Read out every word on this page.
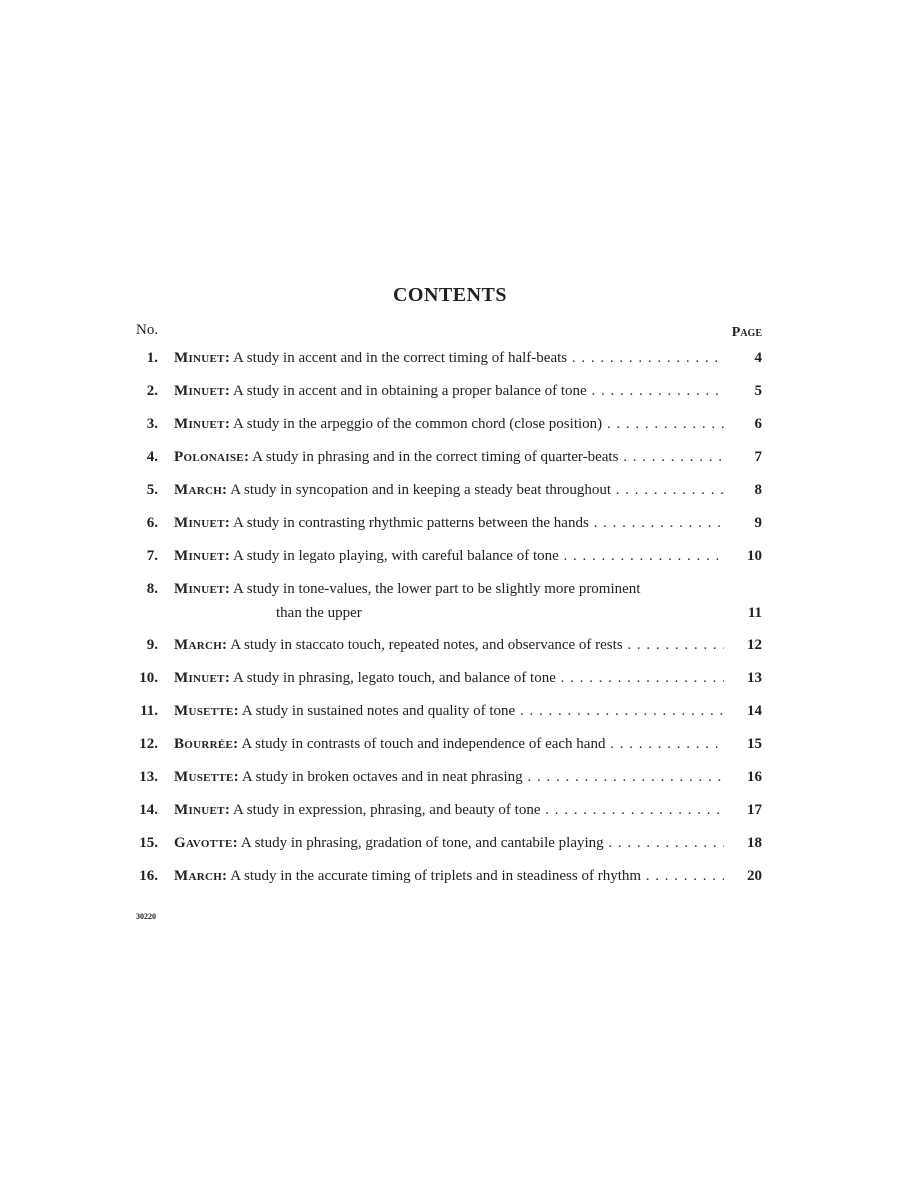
CONTENTS
No.	Page
1. Minuet: A study in accent and in the correct timing of half-beats . . .	4
2. Minuet: A study in accent and in obtaining a proper balance of tone . . .	5
3. Minuet: A study in the arpeggio of the common chord (close position) . . .	6
4. Polonaise: A study in phrasing and in the correct timing of quarter-beats . . .	7
5. March: A study in syncopation and in keeping a steady beat throughout . . .	8
6. Minuet: A study in contrasting rhythmic patterns between the hands . . .	9
7. Minuet: A study in legato playing, with careful balance of tone . . .	10
8. Minuet: A study in tone-values, the lower part to be slightly more prominent
than the upper	11
9. March: A study in staccato touch, repeated notes, and observance of rests . . .	12
10. Minuet: A study in phrasing, legato touch, and balance of tone . . .	13
11. Musette: A study in sustained notes and quality of tone . . .	14
12. Bourrée: A study in contrasts of touch and independence of each hand . . .	15
13. Musette: A study in broken octaves and in neat phrasing . . .	16
14. Minuet: A study in expression, phrasing, and beauty of tone . . .	17
15. Gavotte: A study in phrasing, gradation of tone, and cantabile playing . . .	18
16. March: A study in the accurate timing of triplets and in steadiness of rhythm . . .	20
30220
